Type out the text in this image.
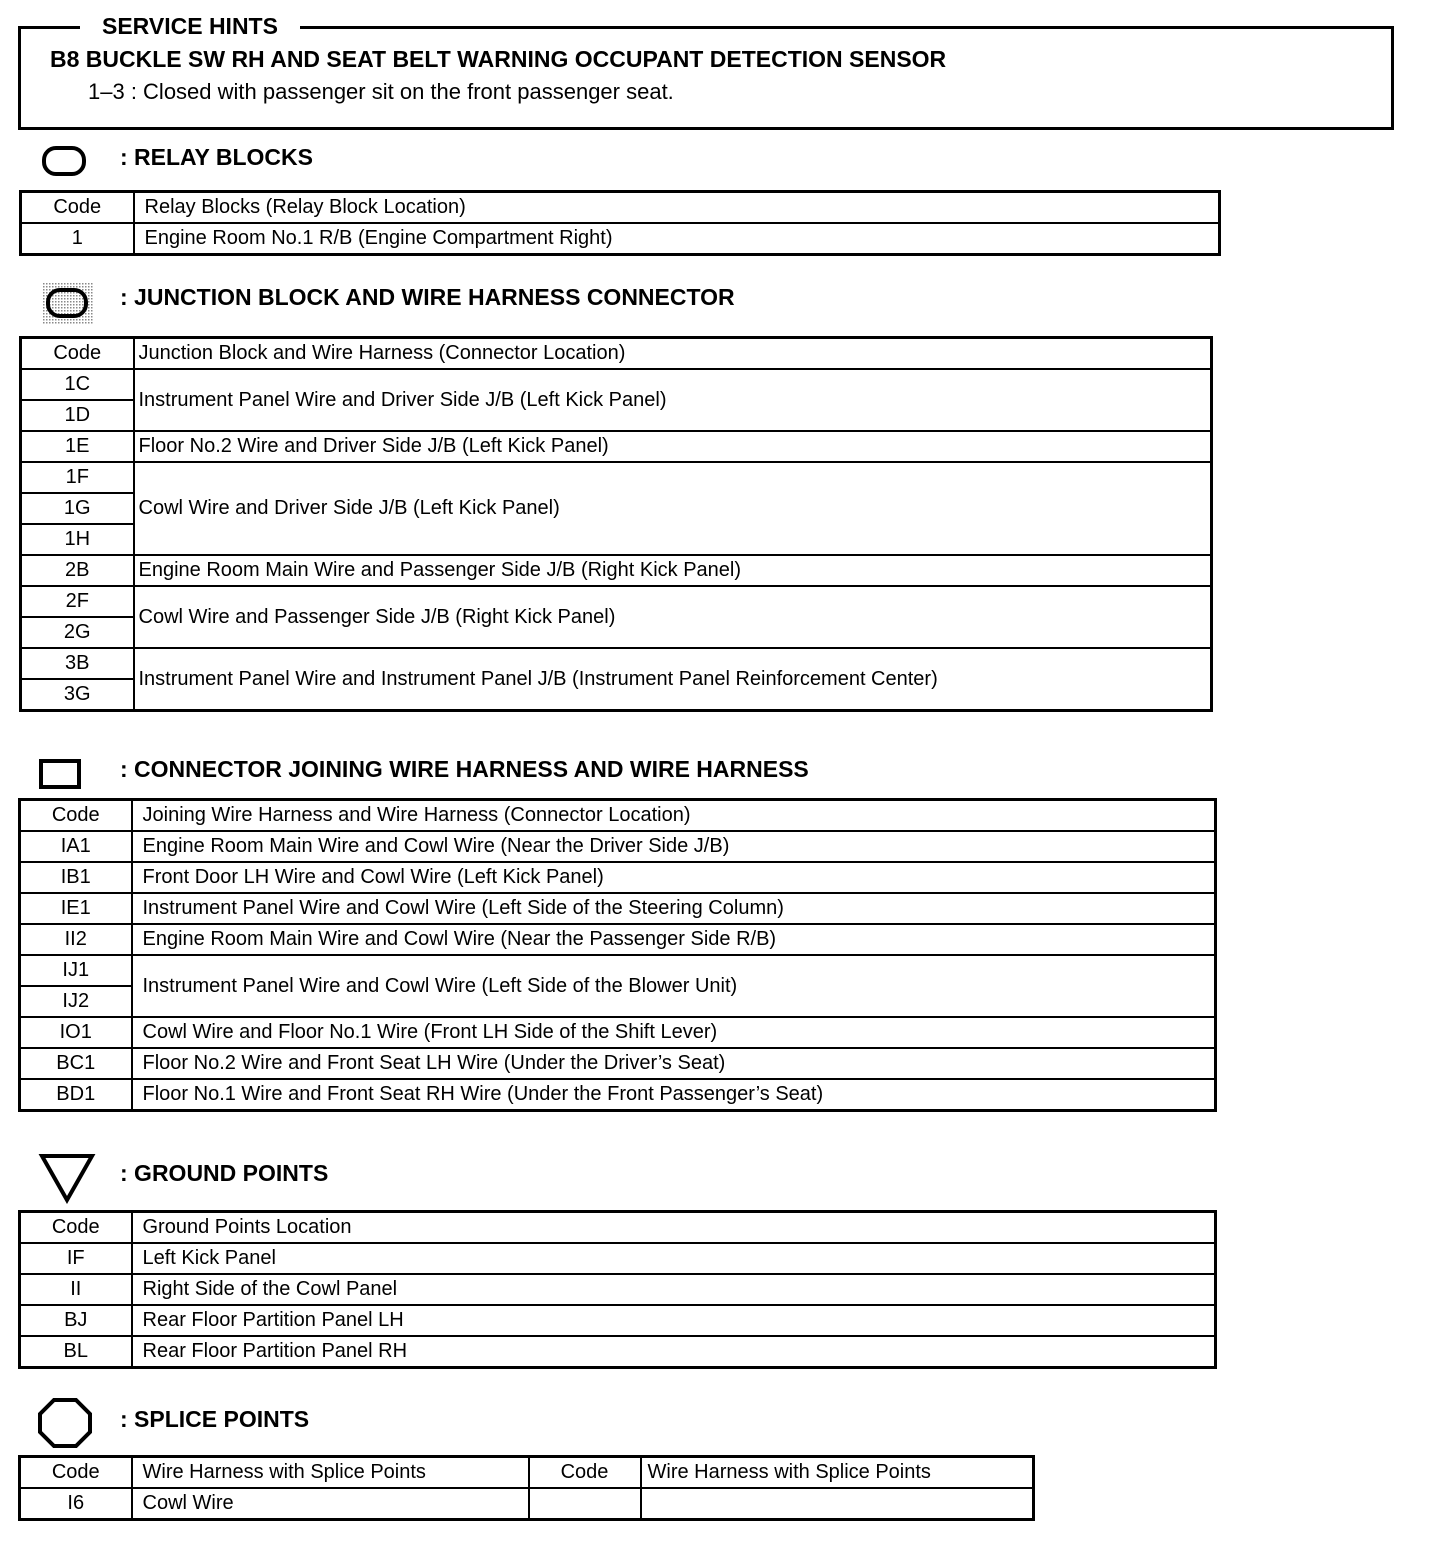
SERVICE HINTS
B8 BUCKLE SW RH AND SEAT BELT WARNING OCCUPANT DETECTION SENSOR
1–3 : Closed with passenger sit on the front passenger seat.
: RELAY BLOCKS
Code	Relay Blocks (Relay Block Location)
1	Engine Room No.1 R/B (Engine Compartment Right)
: JUNCTION BLOCK AND WIRE HARNESS CONNECTOR
Code	Junction Block and Wire Harness (Connector Location)
1C	Instrument Panel Wire and Driver Side J/B (Left Kick Panel)
1D	
1E	Floor No.2 Wire and Driver Side J/B (Left Kick Panel)
1F	Cowl Wire and Driver Side J/B (Left Kick Panel)
1G	
1H	
2B	Engine Room Main Wire and Passenger Side J/B (Right Kick Panel)
2F	Cowl Wire and Passenger Side J/B (Right Kick Panel)
2G	
3B	Instrument Panel Wire and Instrument Panel J/B (Instrument Panel Reinforcement Center)
3G	
: CONNECTOR JOINING WIRE HARNESS AND WIRE HARNESS
Code	Joining Wire Harness and Wire Harness (Connector Location)
IA1	Engine Room Main Wire and Cowl Wire (Near the Driver Side J/B)
IB1	Front Door LH Wire and Cowl Wire (Left Kick Panel)
IE1	Instrument Panel Wire and Cowl Wire (Left Side of the Steering Column)
II2	Engine Room Main Wire and Cowl Wire (Near the Passenger Side R/B)
IJ1	Instrument Panel Wire and Cowl Wire (Left Side of the Blower Unit)
IJ2	
IO1	Cowl Wire and Floor No.1 Wire (Front LH Side of the Shift Lever)
BC1	Floor No.2 Wire and Front Seat LH Wire (Under the Driver’s Seat)
BD1	Floor No.1 Wire and Front Seat RH Wire (Under the Front Passenger’s Seat)
: GROUND POINTS
Code	Ground Points Location
IF	Left Kick Panel
II	Right Side of the Cowl Panel
BJ	Rear Floor Partition Panel LH
BL	Rear Floor Partition Panel RH
: SPLICE POINTS
Code	Wire Harness with Splice Points	Code	Wire Harness with Splice Points
I6	Cowl Wire		
